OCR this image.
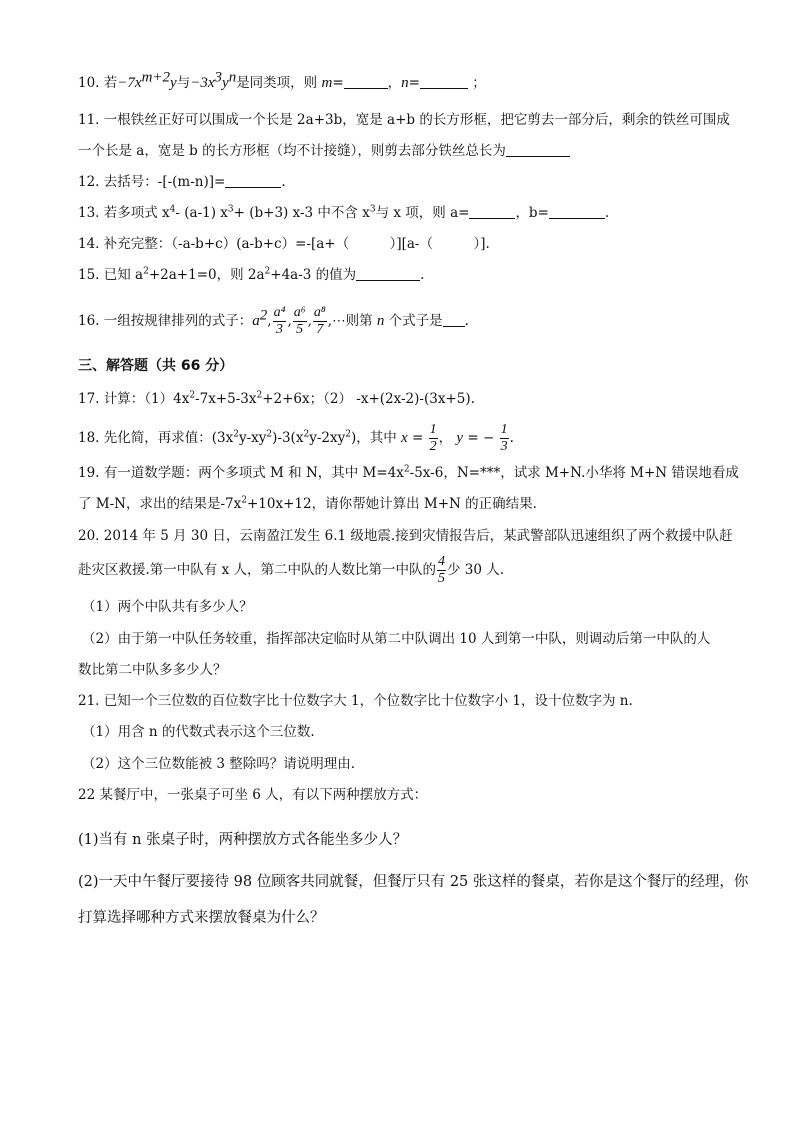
10. 若$-7x^{m+2}y$与$-3x^3y^n$是同类项，则 m=	，n=	；
11. 一根铁丝正好可以围成一个长是 2a+3b，宽是 a+b 的长方形框，把它剪去一部分后，剩余的铁丝可围成
一个长是 a，宽是 b 的长方形框（均不计接缝），则剪去部分铁丝总长为
12. 去括号：-[-(m-n)]=	.
13. 若多项式 $x^4-$ (a-1) $x^3+ (b+3)$ x-3 中不含 $x^3$与 x 项，则 a=	，b=	.
14. 补充完整：（-a-b+c）(a-b+c）=-[a+（　　　）][a-（　　　）].
15. 已知 $a^2+2a+1=0$，则 $2a^2+4a-3$ 的值为	.
16. 一组按规律排列的式子：$a^2$, $\frac{\text{a⁴}}{3}$ , $\frac{\text{a⁶}}{5}$ , $\frac{\text{a⁸}}{7}$ ,⋯则第 n 个式子是 .
三、解答题（共 66 分）
17. 计算：$(1)4x^2-7x+5-3x^2+2+6x$；（2） -x+(2x-2)-(3x+5).
18. 先化简，再求值：$(3x^2y-xy^2)-3(x^2y-2xy^2)$，其中 $x = \frac{1}{2}$ ， y = − $\frac{1}{3}$ .
19. 有一道数学题：两个多项式 M 和 N，其中 $M=4x^2-5x-6$，N=***，试求 M+N.小华将 M+N 错误地看成
了 M-N，求出的结果是$-7x^2+10x+12$，请你帮她计算出 M+N 的正确结果.
20. 2014 年 5 月 30 日，云南盈江发生 6.1 级地震.接到灾情报告后，某武警部队迅速组织了两个救援中队赶
赴灾区救援.第一中队有 x 人，第二中队的人数比第一中队的 $\frac{4}{5}$ 少 30 人.
（1）两个中队共有多少人？
（2）由于第一中队任务较重，指挥部决定临时从第二中队调出 10 人到第一中队，则调动后第一中队的人
数比第二中队多多少人？
21. 已知一个三位数的百位数字比十位数字大 1，个位数字比十位数字小 1，设十位数字为 n.
（1）用含 n 的代数式表示这个三位数.
（2）这个三位数能被 3 整除吗？请说明理由.
22 某餐厅中，一张桌子可坐 6 人，有以下两种摆放方式：
(1)当有 n 张桌子时，两种摆放方式各能坐多少人？
(2)一天中午餐厅要接待 98 位顾客共同就餐，但餐厅只有 25 张这样的餐桌，若你是这个餐厅的经理，你
打算选择哪种方式来摆放餐桌为什么？
